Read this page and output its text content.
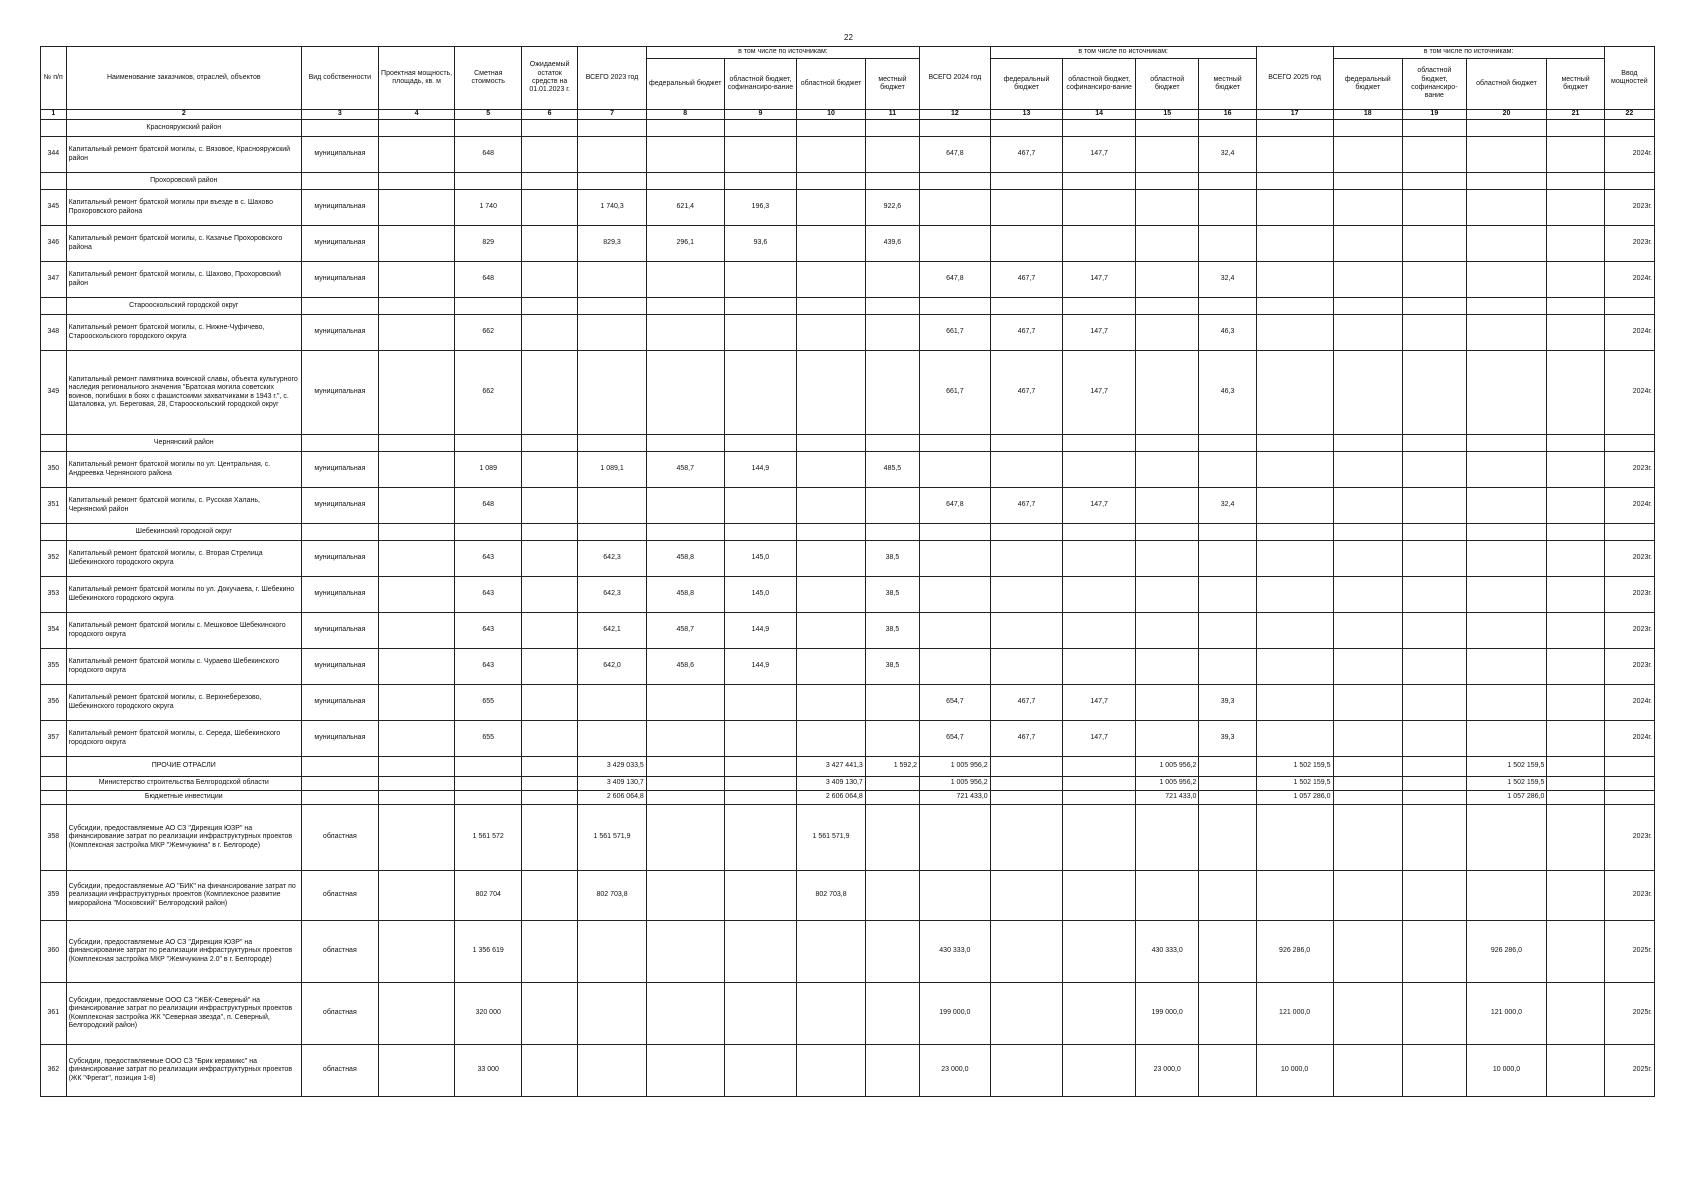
22
№ п/п	Наименование заказчиков, отраслей, объектов	Вид собственности	Проектная мощность, площадь, кв. м	Сметная стоимость	Ожидаемый остаток средств на 01.01.2023 г.	ВСЕГО 2023 год	в том числе по источникам:				ВСЕГО 2024 год	в том числе по источникам:				ВСЕГО 2025 год	в том числе по источникам:				Ввод мощностей
							федеральный бюджет	областной бюджет, софинансиро-вание	областной бюджет	местный бюджет		федеральный бюджет	областной бюджет, софинансиро-вание	областной бюджет	местный бюджет		федеральный бюджет	областной бюджет, софинансиро-вание	областной бюджет	местный бюджет	
1	2	3	4	5	6	7	8	9	10	11	12	13	14	15	16	17	18	19	20	21	22
	Краснояружский район																				
344	Капитальный ремонт братской могилы, с. Вязовое, Краснояружский район	муниципальная		648							647,8	467,7	147,7		32,4						2024г.
	Прохоровский район																				
345	Капитальный ремонт братской могилы при въезде в с. Шахово Прохоровского района	муниципальная		1 740		1 740,3	621,4	196,3		922,6											2023г.
346	Капитальный ремонт братской могилы, с. Казачье Прохоровского района	муниципальная		829		829,3	296,1	93,6		439,6											2023г.
347	Капитальный ремонт братской могилы, с. Шахово, Прохоровский район	муниципальная		648							647,8	467,7	147,7		32,4						2024г.
	Старооскольский городской округ																				
348	Капитальный ремонт братской могилы, с. Нижне-Чуфичево, Старооскольского городского округа	муниципальная		662							661,7	467,7	147,7		46,3						2024г.
349	Капитальный ремонт памятника воинской славы, объекта культурного наследия регионального значения "Братская могила советских воинов, погибших в боях с фашистскими захватчиками в 1943 г.", с. Шаталовка, ул. Береговая, 28, Старооскольский городской округ	муниципальная		662							661,7	467,7	147,7		46,3						2024г.
	Чернянский район																				
350	Капитальный ремонт братской могилы по ул. Центральная, с. Андреевка Чернянского района	муниципальная		1 089		1 089,1	458,7	144,9		485,5											2023г.
351	Капитальный ремонт братской могилы, с. Русская Халань, Чернянский район	муниципальная		648							647,8	467,7	147,7		32,4						2024г.
	Шебекинский городской округ																				
352	Капитальный ремонт братской могилы, с. Вторая Стрелица Шебекинского городского округа	муниципальная		643		642,3	458,8	145,0		38,5											2023г.
353	Капитальный ремонт братской могилы по ул. Докучаева, г. Шебекино Шебекинского городского округа	муниципальная		643		642,3	458,8	145,0		38,5											2023г.
354	Капитальный ремонт братской могилы с. Мешковое Шебекинского городского округа	муниципальная		643		642,1	458,7	144,9		38,5											2023г.
355	Капитальный ремонт братской могилы с. Чураево Шебекинского городского округа	муниципальная		643		642,0	458,6	144,9		38,5											2023г.
356	Капитальный ремонт братской могилы, с. Верхнеберезово, Шебекинского городского округа	муниципальная		655							654,7	467,7	147,7		39,3						2024г.
357	Капитальный ремонт братской могилы, с. Середа, Шебекинского городского округа	муниципальная		655							654,7	467,7	147,7		39,3						2024г.
	ПРОЧИЕ ОТРАСЛИ					3 429 033,5			3 427 441,3	1 592,2	1 005 956,2			1 005 956,2		1 502 159,5			1 502 159,5		
	Министерство строительства Белгородской области					3 409 130,7			3 409 130,7		1 005 956,2			1 005 956,2		1 502 159,5			1 502 159,5		
	Бюджетные инвестиции					2 606 064,8			2 606 064,8		721 433,0			721 433,0		1 057 286,0			1 057 286,0		
358	Субсидии, предоставляемые АО СЗ "Дирекция ЮЗР" на финансирование затрат по реализации инфраструктурных проектов (Комплексная застройка МКР "Жемчужина" в г. Белгороде)	областная		1 561 572		1 561 571,9			1 561 571,9												2023г.
359	Субсидии, предоставляемые АО "БИК" на финансирование затрат по реализации инфраструктурных проектов (Комплексное развитие микрорайона "Московский" Белгородский район)	областная		802 704		802 703,8			802 703,8												2023г.
360	Субсидии, предоставляемые АО СЗ "Дирекция ЮЗР" на финансирование затрат по реализации инфраструктурных проектов (Комплексная застройка МКР "Жемчужина 2.0" в г. Белгороде)	областная		1 356 619							430 333,0			430 333,0		926 286,0			926 286,0		2025г.
361	Субсидии, предоставляемые ООО СЗ "ЖБК-Северный" на финансирование затрат по реализации инфраструктурных проектов (Комплексная застройка ЖК "Северная звезда", п. Северный, Белгородский район)	областная		320 000							199 000,0			199 000,0		121 000,0			121 000,0		2025г.
362	Субсидии, предоставляемые ООО СЗ "Брик керамикс" на финансирование затрат по реализации инфраструктурных проектов (ЖК "Фрегат", позиция 1-8)	областная		33 000							23 000,0			23 000,0		10 000,0			10 000,0		2025г.
